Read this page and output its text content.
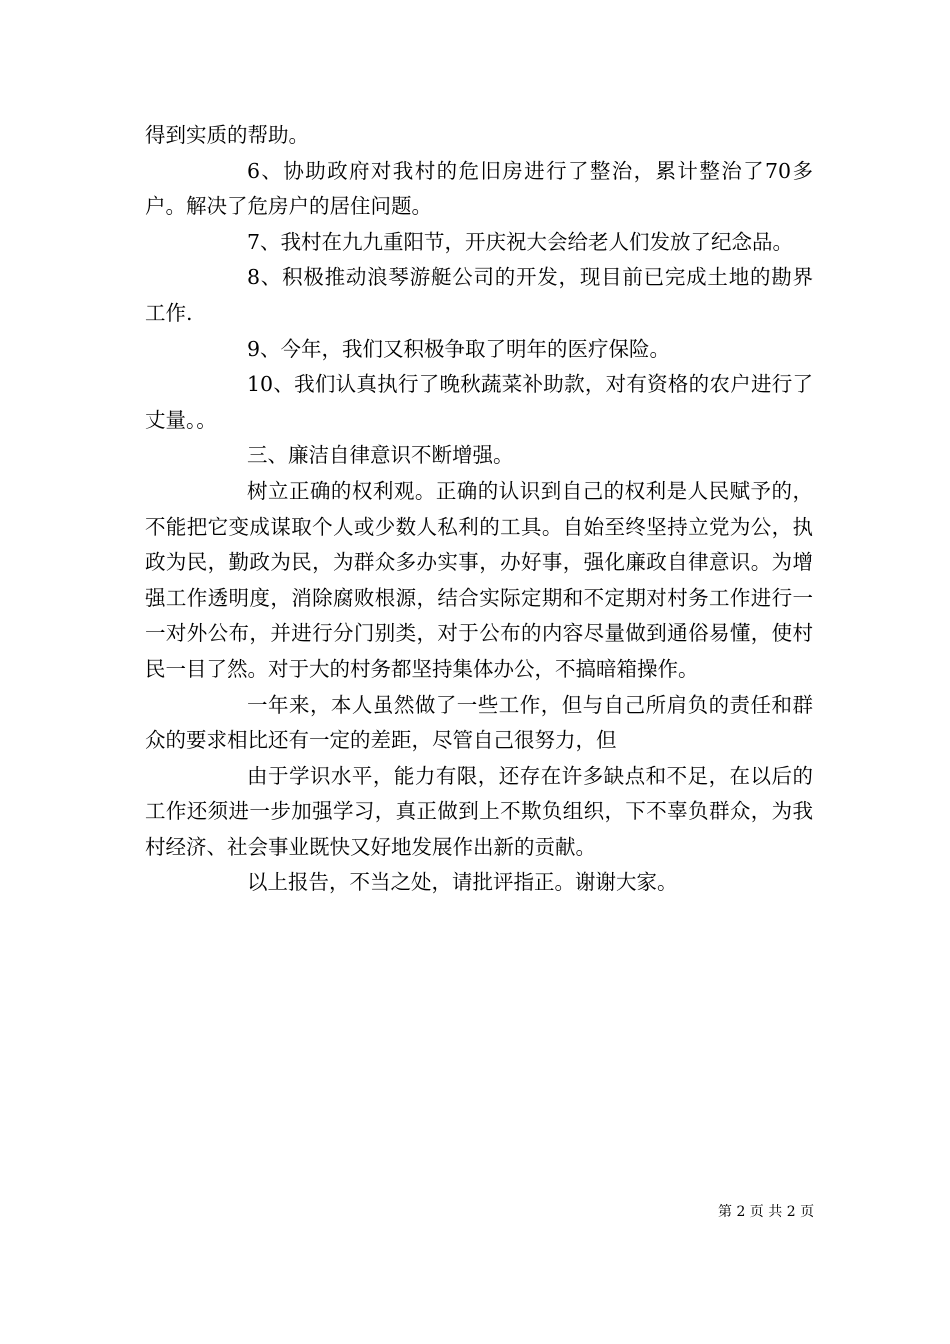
得到实质的帮助。

6、协助政府对我村的危旧房进行了整治，累计整治了70多户。解决了危房户的居住问题。

7、我村在九九重阳节，开庆祝大会给老人们发放了纪念品。

8、积极推动浪琴游艇公司的开发，现目前已完成土地的勘界工作.

9、今年，我们又积极争取了明年的医疗保险。

10、我们认真执行了晚秋蔬菜补助款，对有资格的农户进行了丈量。。

三、廉洁自律意识不断增强。

树立正确的权利观。正确的认识到自己的权利是人民赋予的，不能把它变成谋取个人或少数人私利的工具。自始至终坚持立党为公，执政为民，勤政为民，为群众多办实事，办好事，强化廉政自律意识。为增强工作透明度，消除腐败根源，结合实际定期和不定期对村务工作进行一一对外公布，并进行分门别类，对于公布的内容尽量做到通俗易懂，使村民一目了然。对于大的村务都坚持集体办公，不搞暗箱操作。

一年来，本人虽然做了一些工作，但与自己所肩负的责任和群众的要求相比还有一定的差距，尽管自己很努力，但

由于学识水平，能力有限，还存在许多缺点和不足，在以后的工作还须进一步加强学习，真正做到上不欺负组织，下不辜负群众，为我村经济、社会事业既快又好地发展作出新的贡献。

以上报告，不当之处，请批评指正。谢谢大家。

第 2 页 共 2 页
